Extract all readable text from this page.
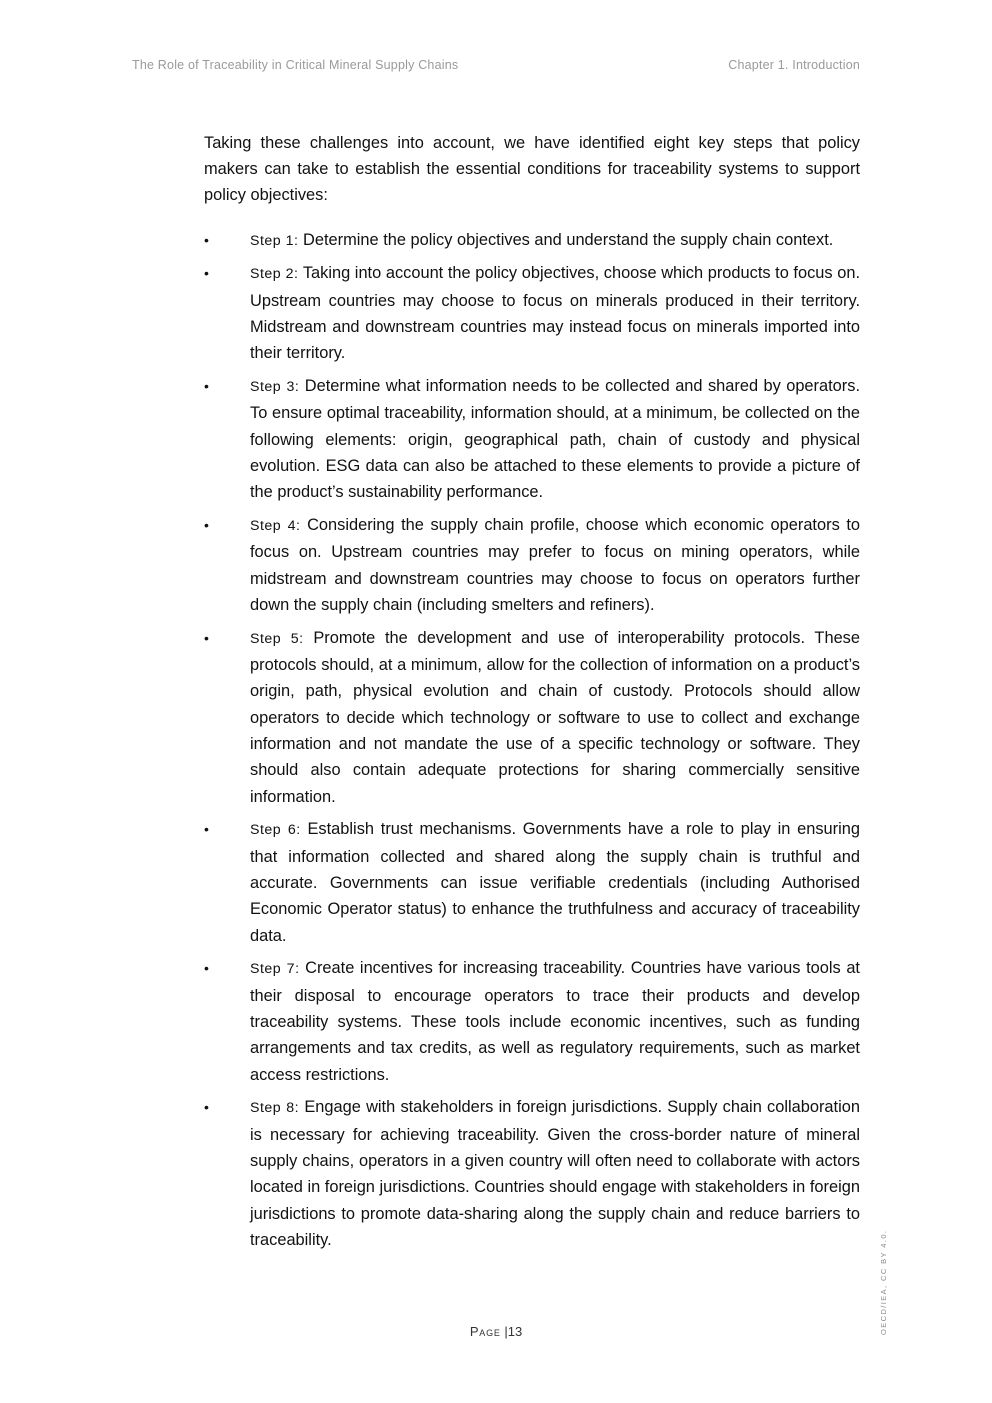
The Role of Traceability in Critical Mineral Supply Chains	Chapter 1. Introduction

Taking these challenges into account, we have identified eight key steps that policy makers can take to establish the essential conditions for traceability systems to support policy objectives:

•	Step 1: Determine the policy objectives and understand the supply chain context.
•	Step 2: Taking into account the policy objectives, choose which products to focus on. Upstream countries may choose to focus on minerals produced in their territory. Midstream and downstream countries may instead focus on minerals imported into their territory.
•	Step 3: Determine what information needs to be collected and shared by operators. To ensure optimal traceability, information should, at a minimum, be collected on the following elements: origin, geographical path, chain of custody and physical evolution. ESG data can also be attached to these elements to provide a picture of the product’s sustainability performance.
•	Step 4: Considering the supply chain profile, choose which economic operators to focus on. Upstream countries may prefer to focus on mining operators, while midstream and downstream countries may choose to focus on operators further down the supply chain (including smelters and refiners).
•	Step 5: Promote the development and use of interoperability protocols. These protocols should, at a minimum, allow for the collection of information on a product’s origin, path, physical evolution and chain of custody. Protocols should allow operators to decide which technology or software to use to collect and exchange information and not mandate the use of a specific technology or software. They should also contain adequate protections for sharing commercially sensitive information.
•	Step 6: Establish trust mechanisms. Governments have a role to play in ensuring that information collected and shared along the supply chain is truthful and accurate. Governments can issue verifiable credentials (including Authorised Economic Operator status) to enhance the truthfulness and accuracy of traceability data.
•	Step 7: Create incentives for increasing traceability. Countries have various tools at their disposal to encourage operators to trace their products and develop traceability systems. These tools include economic incentives, such as funding arrangements and tax credits, as well as regulatory requirements, such as market access restrictions.
•	Step 8: Engage with stakeholders in foreign jurisdictions. Supply chain collaboration is necessary for achieving traceability. Given the cross-border nature of mineral supply chains, operators in a given country will often need to collaborate with actors located in foreign jurisdictions. Countries should engage with stakeholders in foreign jurisdictions to promote data-sharing along the supply chain and reduce barriers to traceability.
Page |13	OECD/IEA, CC BY 4.0.
